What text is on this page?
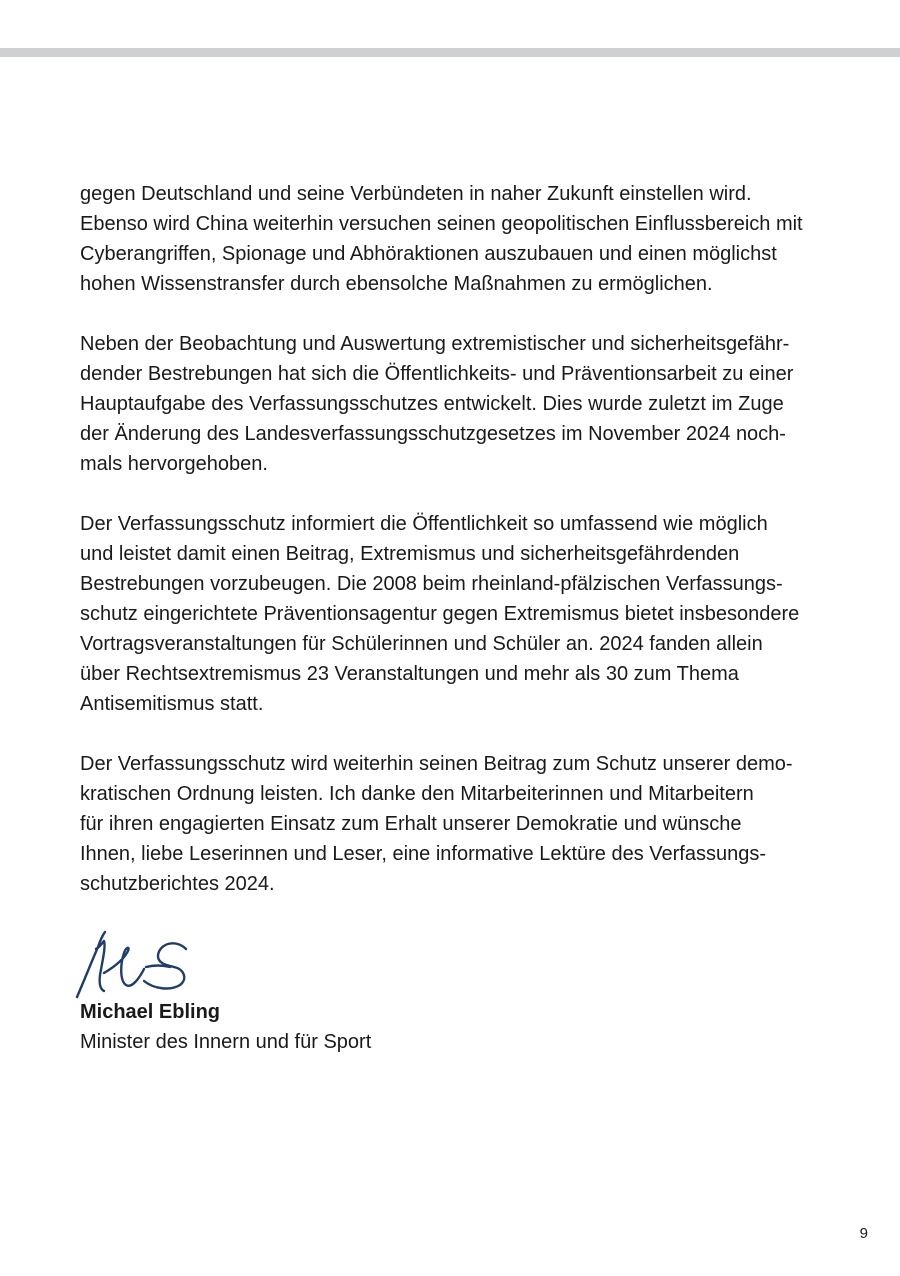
gegen Deutschland und seine Verbündeten in naher Zukunft einstellen wird.
Ebenso wird China weiterhin versuchen seinen geopolitischen Einflussbereich mit
Cyberangriffen, Spionage und Abhöraktionen auszubauen und einen möglichst
hohen Wissenstransfer durch ebensolche Maßnahmen zu ermöglichen.

Neben der Beobachtung und Auswertung extremistischer und sicherheitsgefähr-
dender Bestrebungen hat sich die Öffentlichkeits- und Präventionsarbeit zu einer
Hauptaufgabe des Verfassungsschutzes entwickelt. Dies wurde zuletzt im Zuge
der Änderung des Landesverfassungsschutzgesetzes im November 2024 noch-
mals hervorgehoben.

Der Verfassungsschutz informiert die Öffentlichkeit so umfassend wie möglich
und leistet damit einen Beitrag, Extremismus und sicherheitsgefährdenden
Bestrebungen vorzubeugen. Die 2008 beim rheinland-pfälzischen Verfassungs-
schutz eingerichtete Präventionsagentur gegen Extremismus bietet insbesondere
Vortragsveranstaltungen für Schülerinnen und Schüler an. 2024 fanden allein
über Rechtsextremismus 23 Veranstaltungen und mehr als 30 zum Thema
Antisemitismus statt.

Der Verfassungsschutz wird weiterhin seinen Beitrag zum Schutz unserer demo-
kratischen Ordnung leisten. Ich danke den Mitarbeiterinnen und Mitarbeitern
für ihren engagierten Einsatz zum Erhalt unserer Demokratie und wünsche
Ihnen, liebe Leserinnen und Leser, eine informative Lektüre des Verfassungs-
schutzberichtes 2024.

Michael Ebling
Minister des Innern und für Sport
9
